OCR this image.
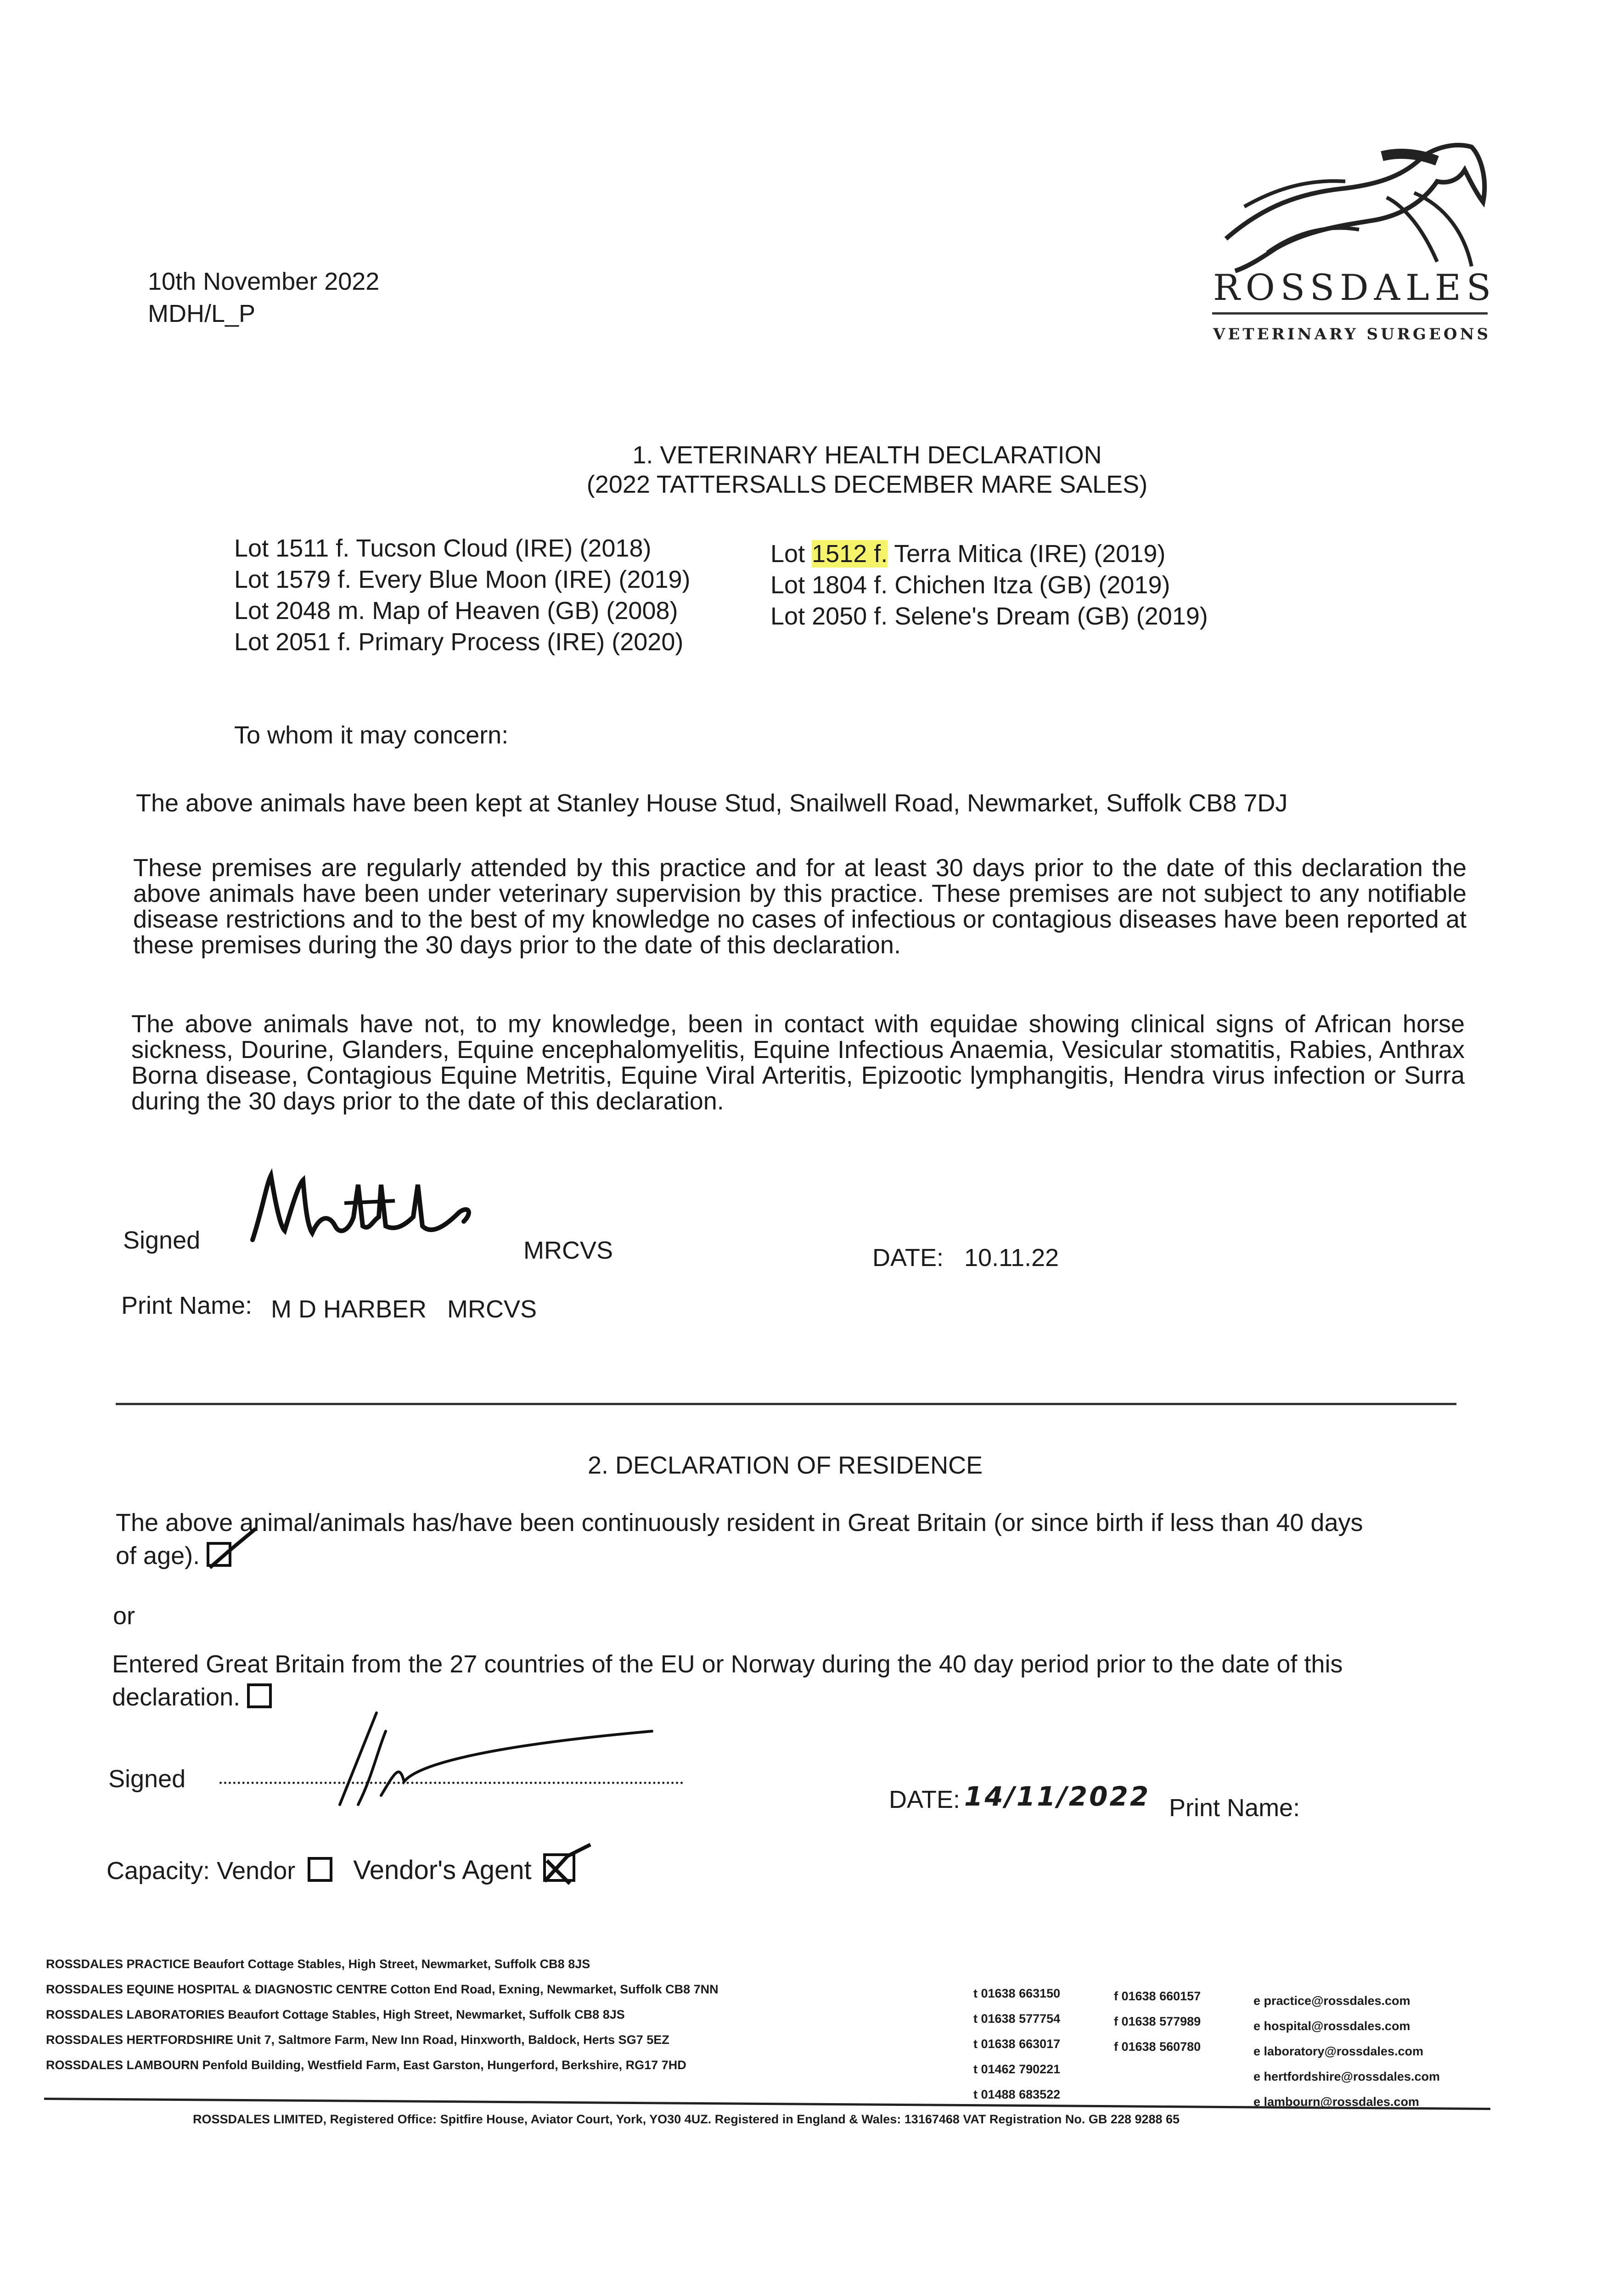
10th November 2022
MDH/L_P
ROSSDALES
VETERINARY SURGEONS
1. VETERINARY HEALTH DECLARATION
(2022 TATTERSALLS DECEMBER MARE SALES)
Lot 1511 f. Tucson Cloud (IRE) (2018)
Lot 1579 f. Every Blue Moon (IRE) (2019)
Lot 2048 m. Map of Heaven (GB) (2008)
Lot 2051 f. Primary Process (IRE) (2020)
Lot 1512 f. Terra Mitica (IRE) (2019)
Lot 1804 f. Chichen Itza (GB) (2019)
Lot 2050 f. Selene's Dream (GB) (2019)
To whom it may concern:
The above animals have been kept at Stanley House Stud, Snailwell Road, Newmarket, Suffolk CB8 7DJ
These premises are regularly attended by this practice and for at least 30 days prior to the date of this declaration the above animals have been under veterinary supervision by this practice. These premises are not subject to any notifiable disease restrictions and to the best of my knowledge no cases of infectious or contagious diseases have been reported at these premises during the 30 days prior to the date of this declaration.
The above animals have not, to my knowledge, been in contact with equidae showing clinical signs of African horse sickness, Dourine, Glanders, Equine encephalomyelitis, Equine Infectious Anaemia, Vesicular stomatitis, Rabies, Anthrax Borna disease, Contagious Equine Metritis, Equine Viral Arteritis, Epizootic lymphangitis, Hendra virus infection or Surra during the 30 days prior to the date of this declaration.
Signed	MRCVS	DATE: 10.11.22
Print Name: M D HARBER   MRCVS
2. DECLARATION OF RESIDENCE
The above animal/animals has/have been continuously resident in Great Britain (or since birth if less than 40 days of age).
or
Entered Great Britain from the 27 countries of the EU or Norway during the 40 day period prior to the date of this declaration.
Signed
DATE: 14/11/2022 Print Name:
Capacity: Vendor Vendor's Agent
ROSSDALES PRACTICE Beaufort Cottage Stables, High Street, Newmarket, Suffolk CB8 8JS
ROSSDALES EQUINE HOSPITAL & DIAGNOSTIC CENTRE Cotton End Road, Exning, Newmarket, Suffolk CB8 7NN
ROSSDALES LABORATORIES Beaufort Cottage Stables, High Street, Newmarket, Suffolk CB8 8JS
ROSSDALES HERTFORDSHIRE Unit 7, Saltmore Farm, New Inn Road, Hinxworth, Baldock, Herts SG7 5EZ
ROSSDALES LAMBOURN Penfold Building, Westfield Farm, East Garston, Hungerford, Berkshire, RG17 7HD
t 01638 663150
t 01638 577754
t 01638 663017
t 01462 790221
t 01488 683522
f 01638 660157
f 01638 577989
f 01638 560780
e practice@rossdales.com
e hospital@rossdales.com
e laboratory@rossdales.com
e hertfordshire@rossdales.com
e lambourn@rossdales.com
ROSSDALES LIMITED, Registered Office: Spitfire House, Aviator Court, York, YO30 4UZ. Registered in England & Wales: 13167468 VAT Registration No. GB 228 9288 65
